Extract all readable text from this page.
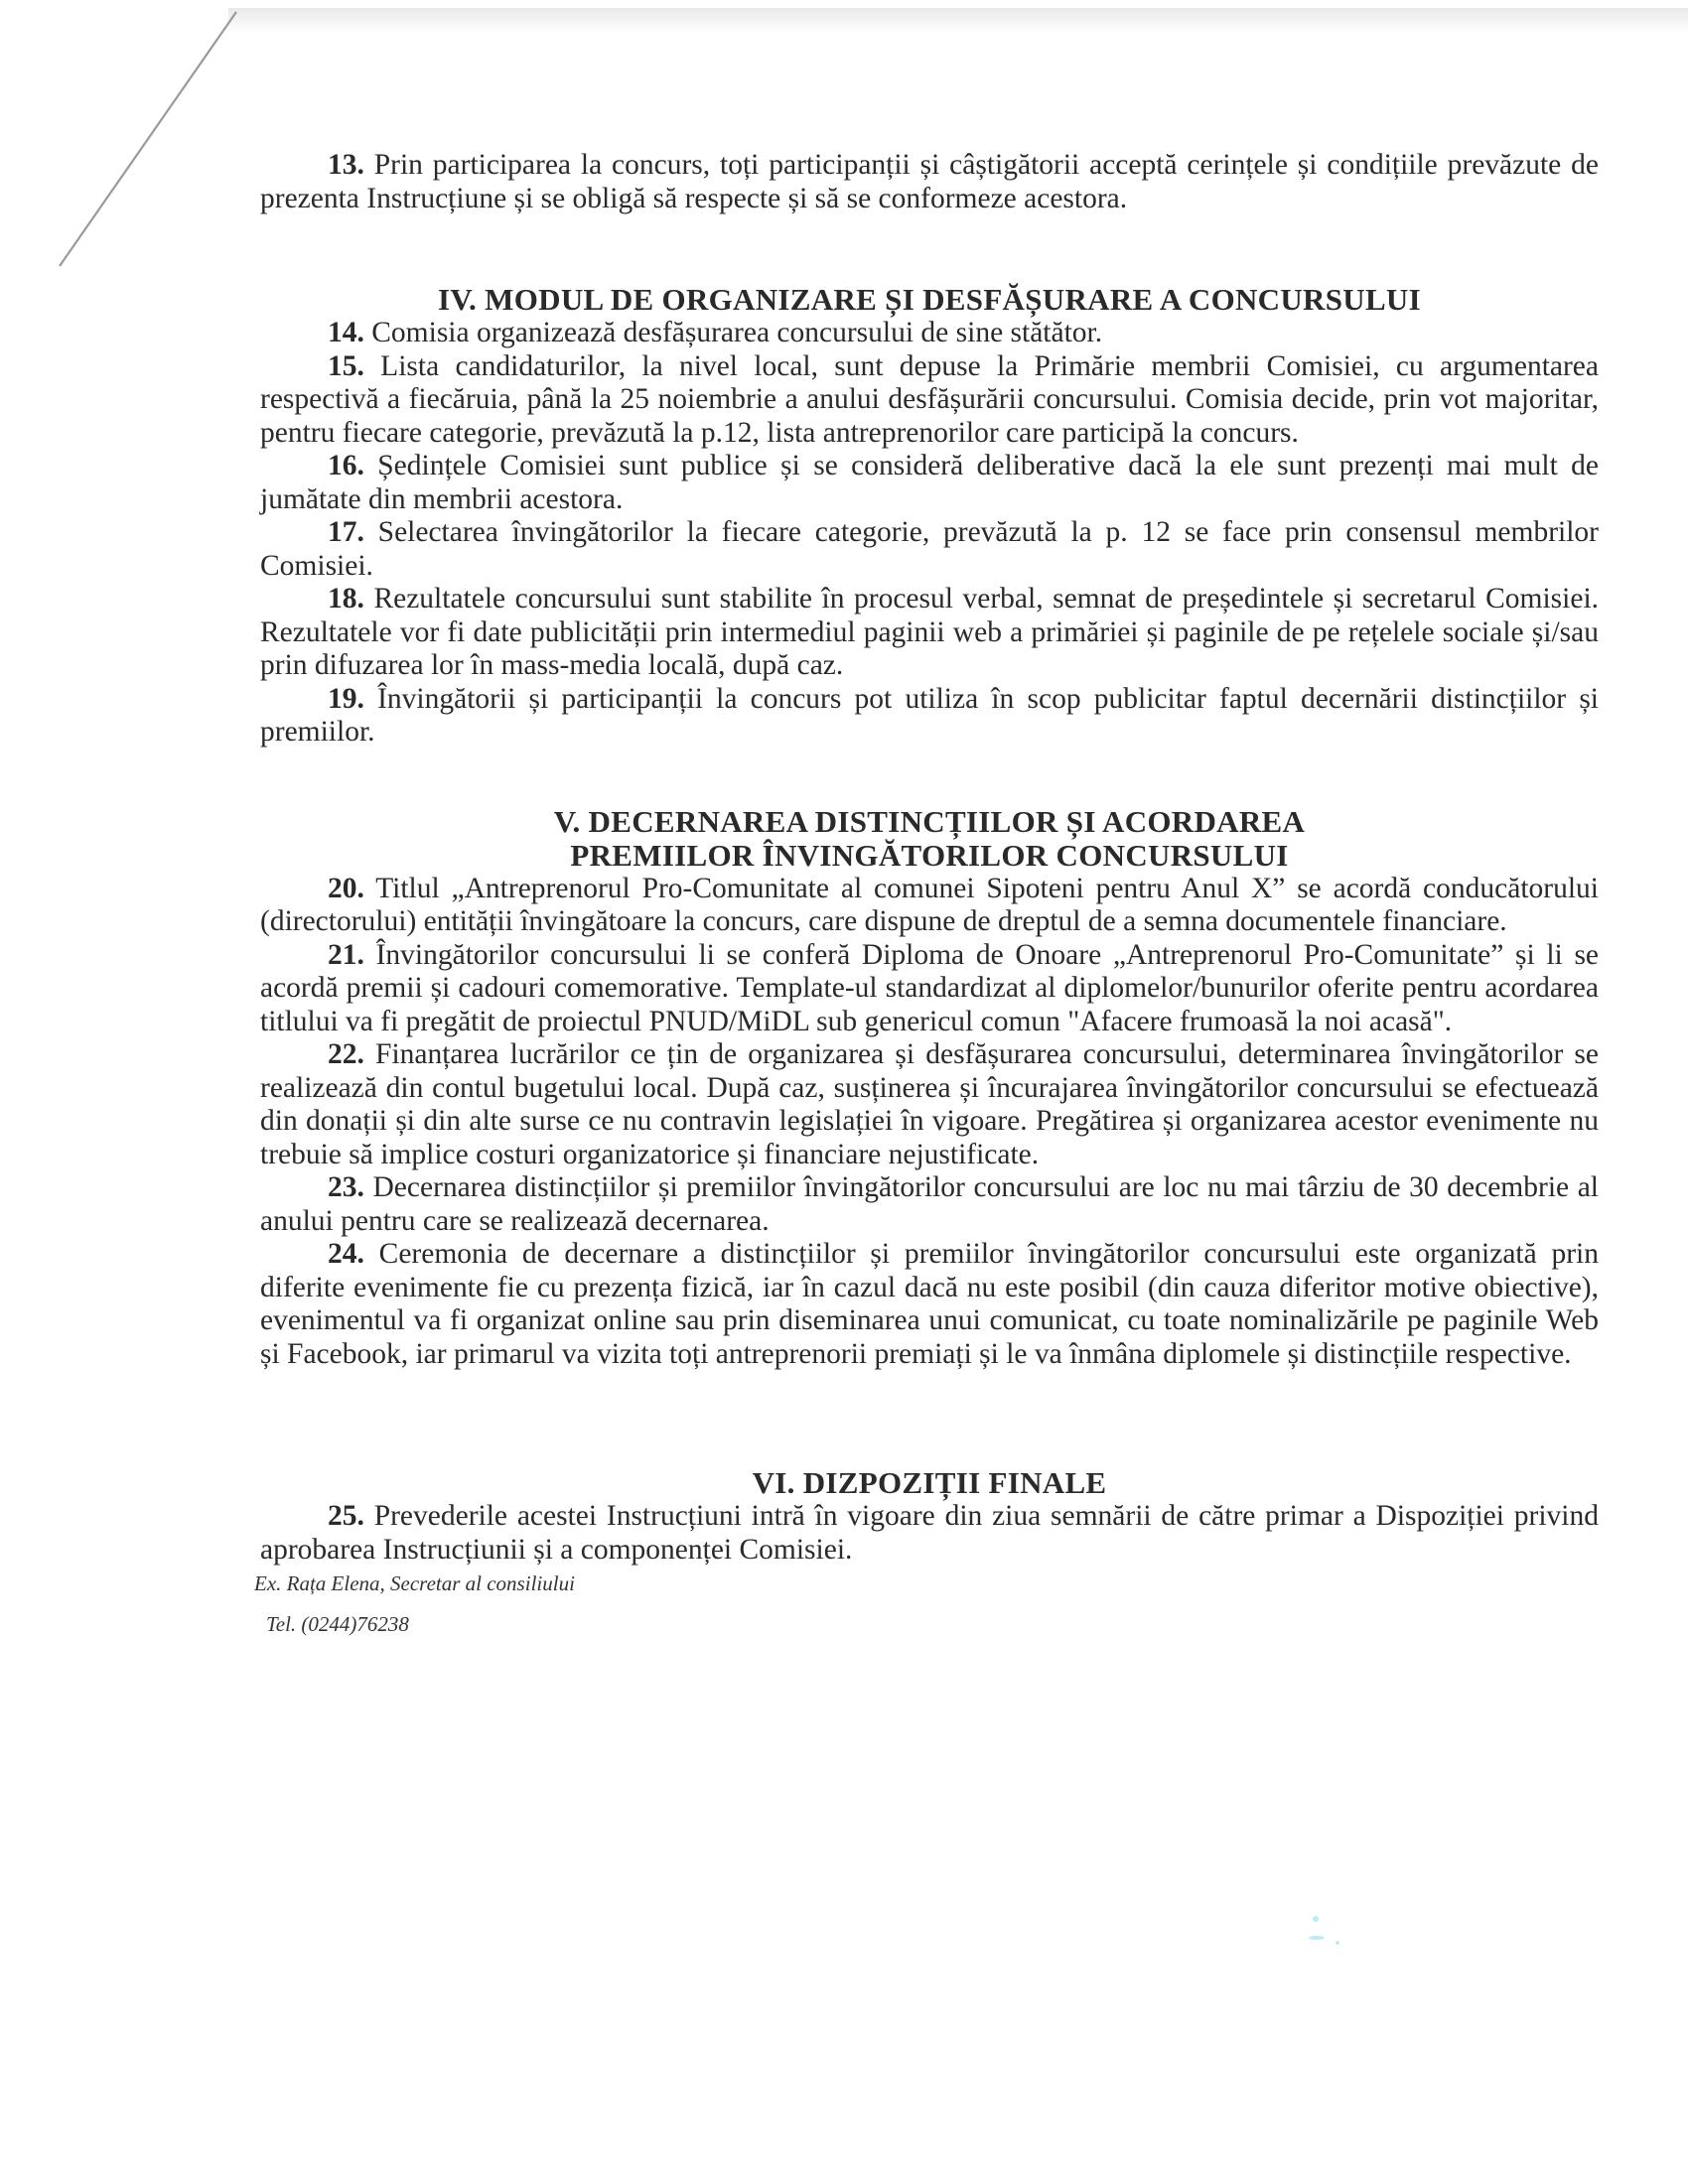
13. Prin participarea la concurs, toți participanții și câștigătorii acceptă cerințele și condițiile prevăzute de prezenta Instrucțiune și se obligă să respecte și să se conformeze acestora.

IV. MODUL DE ORGANIZARE ȘI DESFĂȘURARE A CONCURSULUI

14. Comisia organizează desfășurarea concursului de sine stătător.

15. Lista candidaturilor, la nivel local, sunt depuse la Primărie membrii Comisiei, cu argumentarea respectivă a fiecăruia, până la 25 noiembrie a anului desfășurării concursului. Comisia decide, prin vot majoritar, pentru fiecare categorie, prevăzută la p.12, lista antreprenorilor care participă la concurs.

16. Ședințele Comisiei sunt publice și se consideră deliberative dacă la ele sunt prezenți mai mult de jumătate din membrii acestora.

17. Selectarea învingătorilor la fiecare categorie, prevăzută la p. 12 se face prin consensul membrilor Comisiei.

18. Rezultatele concursului sunt stabilite în procesul verbal, semnat de președintele și secretarul Comisiei. Rezultatele vor fi date publicității prin intermediul paginii web a primăriei și paginile de pe rețelele sociale și/sau prin difuzarea lor în mass-media locală, după caz.

19. Învingătorii și participanții la concurs pot utiliza în scop publicitar faptul decernării distincțiilor și premiilor.

V. DECERNAREA DISTINCȚIILOR ȘI ACORDAREA
PREMIILOR ÎNVINGĂTORILOR CONCURSULUI

20. Titlul „Antreprenorul Pro-Comunitate al comunei Sipoteni pentru Anul X” se acordă conducătorului (directorului) entității învingătoare la concurs, care dispune de dreptul de a semna documentele financiare.

21. Învingătorilor concursului li se conferă Diploma de Onoare „Antreprenorul Pro-Comunitate” și li se acordă premii și cadouri comemorative. Template-ul standardizat al diplomelor/bunurilor oferite pentru acordarea titlului va fi pregătit de proiectul PNUD/MiDL sub genericul comun "Afacere frumoasă la noi acasă".

22. Finanțarea lucrărilor ce țin de organizarea și desfășurarea concursului, determinarea învingătorilor se realizează din contul bugetului local. După caz, susținerea și încurajarea învingătorilor concursului se efectuează din donații și din alte surse ce nu contravin legislației în vigoare. Pregătirea și organizarea acestor evenimente nu trebuie să implice costuri organizatorice și financiare nejustificate.

23. Decernarea distincțiilor și premiilor învingătorilor concursului are loc nu mai târziu de 30 decembrie al anului pentru care se realizează decernarea.

24. Ceremonia de decernare a distincțiilor și premiilor învingătorilor concursului este organizată prin diferite evenimente fie cu prezența fizică, iar în cazul dacă nu este posibil (din cauza diferitor motive obiective), evenimentul va fi organizat online sau prin diseminarea unui comunicat, cu toate nominalizările pe paginile Web și Facebook, iar primarul va vizita toți antreprenorii premiați și le va înmâna diplomele și distincțiile respective.

VI. DIZPOZIȚII FINALE

25. Prevederile acestei Instrucțiuni intră în vigoare din ziua semnării de către primar a Dispoziției privind aprobarea Instrucțiunii și a componenței Comisiei.

Ex. Rața Elena, Secretar al consiliului
Tel. (0244)76238
